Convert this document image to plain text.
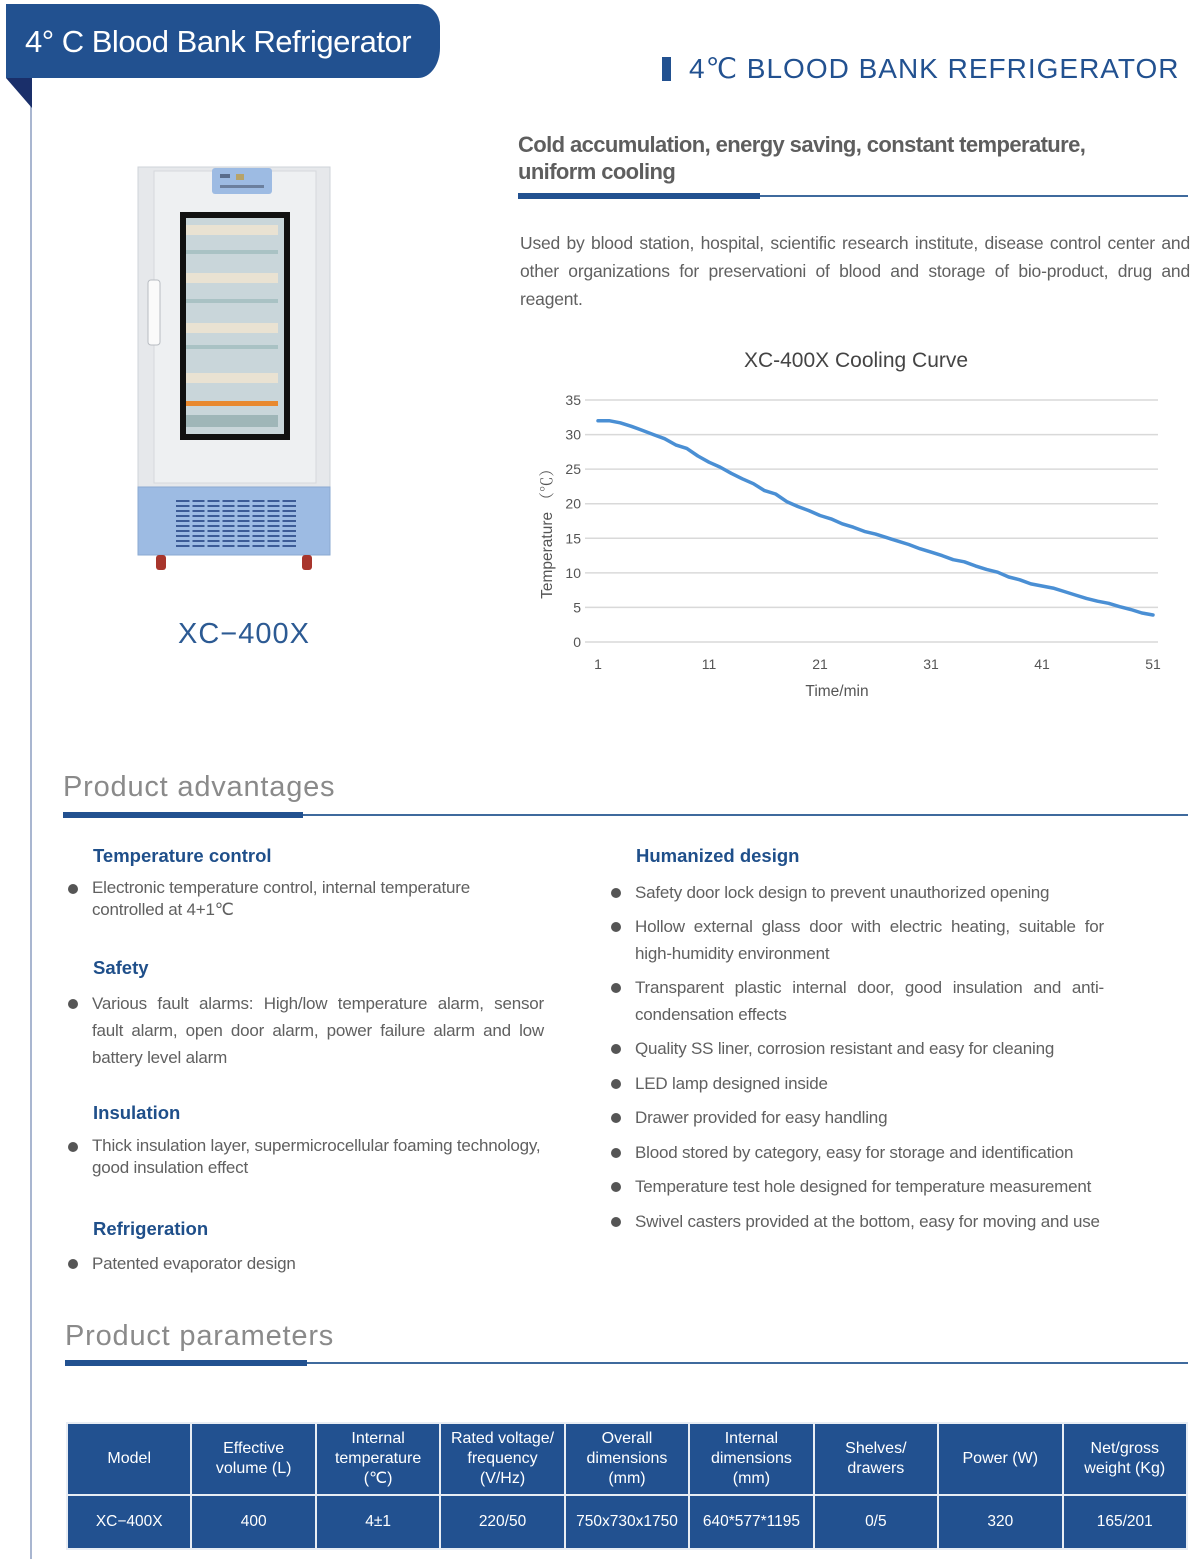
4° C Blood Bank Refrigerator
4℃ BLOOD BANK REFRIGERATOR
XC−400X
Cold accumulation, energy saving, constant temperature, uniform cooling
Used by blood station, hospital, scientific research institute, disease control center and other organizations for preservationi of blood and storage of bio-product, drug and reagent.
XC-400X Cooling Curve
0
5
10
15
20
25
30
35
1	11	21	31	41	51
Time/min
Temperature （℃）
Product advantages
Temperature control
Electronic temperature control, internal temperature controlled at 4+1℃
Safety
Various fault alarms: High/low temperature alarm, sensor fault alarm, open door alarm, power failure alarm and low battery level alarm
Insulation
Thick insulation layer, supermicrocellular foaming technology, good insulation effect
Refrigeration
Patented evaporator design
Humanized design
Safety door lock design to prevent unauthorized opening
Hollow external glass door with electric heating, suitable for high-humidity environment
Transparent plastic internal door, good insulation and anti-condensation effects
Quality SS liner, corrosion resistant and easy for cleaning
LED lamp designed inside
Drawer provided for easy handling
Blood stored by category, easy for storage and identification
Temperature test hole designed for temperature measurement
Swivel casters provided at the bottom, easy for moving and use
Product parameters
Model	Effective volume (L)	Internal temperature (℃)	Rated voltage/ frequency (V/Hz)	Overall dimensions (mm)	Internal dimensions (mm)	Shelves/ drawers	Power (W)	Net/gross weight (Kg)
XC−400X	400	4±1	220/50	750x730x1750	640*577*1195	0/5	320	165/201
